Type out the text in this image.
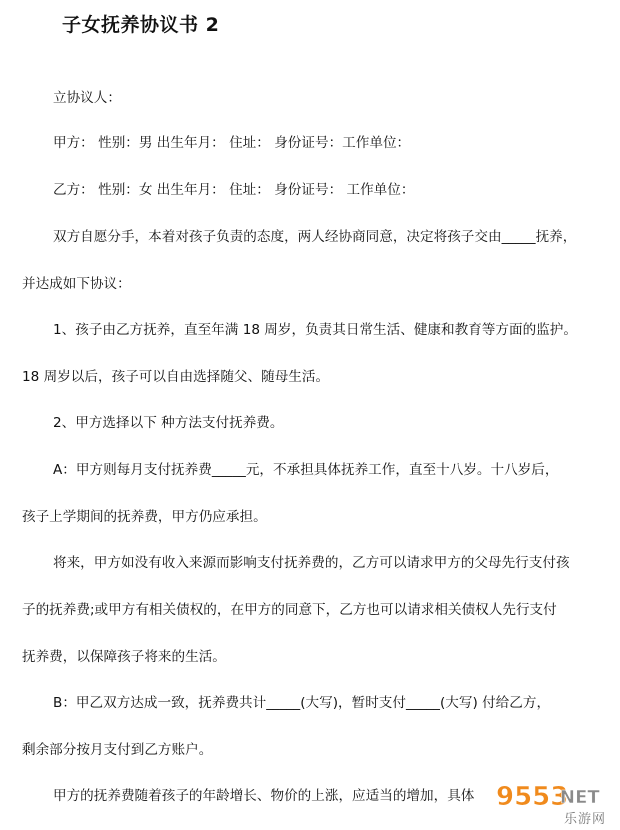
子女抚养协议书 2

立协议人：

甲方： 性别：男 出生年月： 住址： 身份证号：工作单位：

乙方： 性别：女 出生年月： 住址： 身份证号： 工作单位：

双方自愿分手，本着对孩子负责的态度，两人经协商同意，决定将孩子交由_____抚养，

并达成如下协议：

1、孩子由乙方抚养，直至年满 18 周岁，负责其日常生活、健康和教育等方面的监护。

18 周岁以后，孩子可以自由选择随父、随母生活。

2、甲方选择以下 种方法支付抚养费。

A：甲方则每月支付抚养费_____元，不承担具体抚养工作，直至十八岁。十八岁后，

孩子上学期间的抚养费，甲方仍应承担。

将来，甲方如没有收入来源而影响支付抚养费的，乙方可以请求甲方的父母先行支付孩

子的抚养费;或甲方有相关债权的，在甲方的同意下，乙方也可以请求相关债权人先行支付

抚养费，以保障孩子将来的生活。

B：甲乙双方达成一致，抚养费共计_____(大写)，暂时支付_____(大写) 付给乙方，

剩余部分按月支付到乙方账户。

甲方的抚养费随着孩子的年龄增长、物价的上涨，应适当的增加，具体 9553
NET
乐游网
